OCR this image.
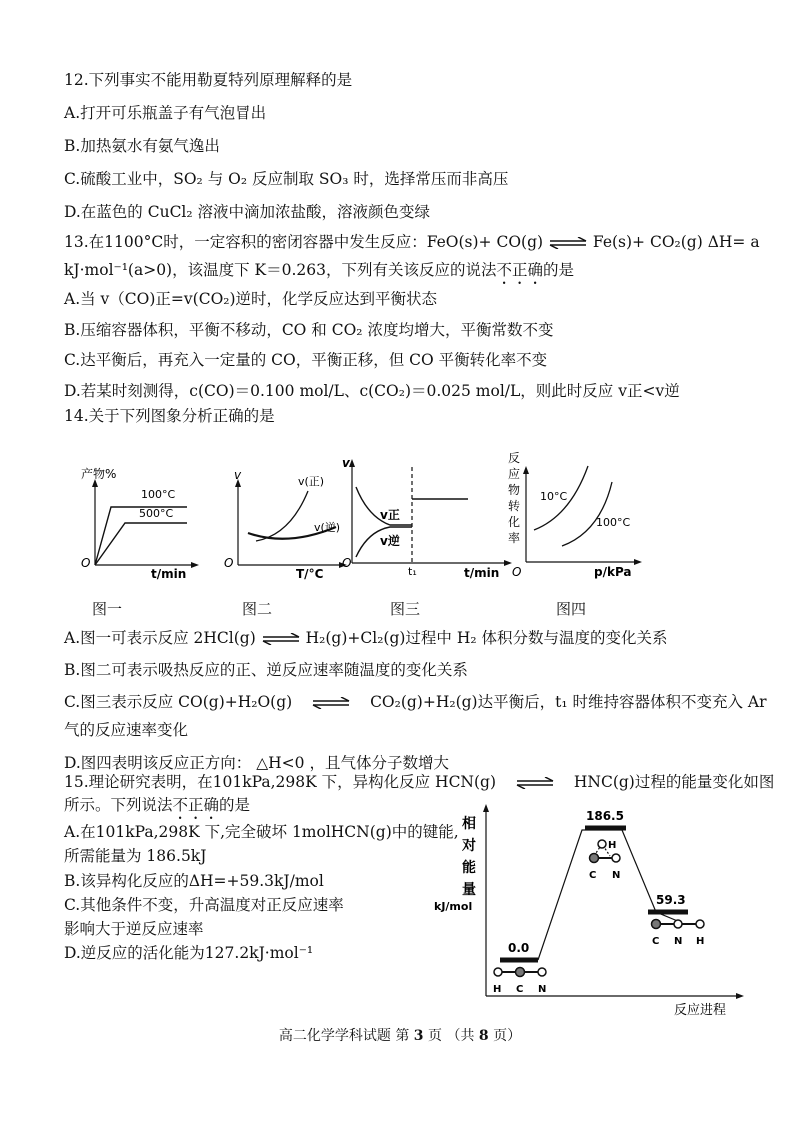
12.下列事实不能用勒夏特列原理解释的是
A.打开可乐瓶盖子有气泡冒出
B.加热氨水有氨气逸出
C.硫酸工业中，SO₂ 与 O₂ 反应制取 SO₃ 时，选择常压而非高压
D.在蓝色的 CuCl₂ 溶液中滴加浓盐酸，溶液颜色变绿
13.在1100°C时，一定容积的密闭容器中发生反应：FeO(s)+ CO(g) ⇌ Fe(s)+ CO₂(g) ΔH= a
kJ·mol⁻¹(a>0)，该温度下 K＝0.263，下列有关该反应的说法不正确的是
A.当 v（CO)正=v(CO₂)逆时，化学反应达到平衡状态
B.压缩容器体积，平衡不移动，CO 和 CO₂ 浓度均增大，平衡常数不变
C.达平衡后，再充入一定量的 CO，平衡正移，但 CO 平衡转化率不变
D.若某时刻测得，c(CO)＝0.100 mol/L、c(CO₂)＝0.025 mol/L，则此时反应 v正<v逆
14.关于下列图象分析正确的是
产物%
100°C
500°C
O
t/min
v	v(正)
v(逆)
O
T/°C
v
v正
v逆
O
t₁	t/min
反
应
物
转
化
率
10°C
100°C
O	p/kPa
图一	图二	图三	图四
A.图一可表示反应 2HCl(g) ⇌ H₂(g)+Cl₂(g)过程中 H₂ 体积分数与温度的变化关系
B.图二可表示吸热反应的正、逆反应速率随温度的变化关系
C.图三表示反应 CO(g)+H₂O(g) ⇌ CO₂(g)+H₂(g)达平衡后，t₁ 时维持容器体积不变充入 Ar
气的反应速率变化
D.图四表明该反应正方向： △H<0 ，且气体分子数增大
15.理论研究表明，在101kPa,298K 下，异构化反应 HCN(g) ⇌ HNC(g)过程的能量变化如图
所示。下列说法不正确的是
A.在101kPa,298K 下,完全破坏 1molHCN(g)中的键能,
所需能量为 186.5kJ
B.该异构化反应的ΔH=+59.3kJ/mol
C.其他条件不变，升高温度对正反应速率
影响大于逆反应速率
D.逆反应的活化能为127.2kJ·mol⁻¹
相
对
能
量
kJ/mol
反应进程
0.0
186.5
59.3
H C N
H
C N
C N H
高二化学学科试题 第 3 页 （共 8 页）
